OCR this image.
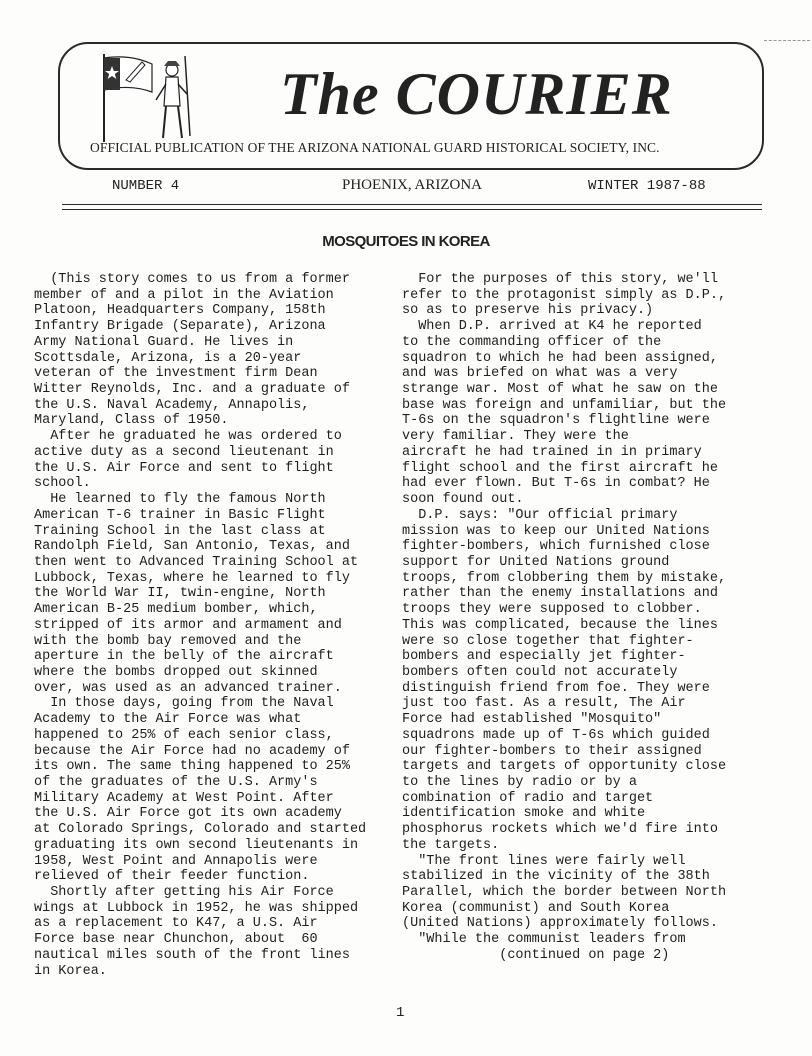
The COURIER
OFFICIAL PUBLICATION OF THE ARIZONA NATIONAL GUARD HISTORICAL SOCIETY, INC.
NUMBER 4	PHOENIX, ARIZONA	WINTER 1987-88
MOSQUITOES IN KOREA

(This story comes to us from a former

member of and a pilot in the Aviation

Platoon, Headquarters Company, 158th

Infantry Brigade (Separate), Arizona

Army National Guard. He lives in

Scottsdale, Arizona, is a 20-year

veteran of the investment firm Dean

Witter Reynolds, Inc. and a graduate of

the U.S. Naval Academy, Annapolis,

Maryland, Class of 1950.

After he graduated he was ordered to

active duty as a second lieutenant in

the U.S. Air Force and sent to flight

school.

He learned to fly the famous North

American T-6 trainer in Basic Flight

Training School in the last class at

Randolph Field, San Antonio, Texas, and

then went to Advanced Training School at

Lubbock, Texas, where he learned to fly

the World War II, twin-engine, North

American B-25 medium bomber, which,

stripped of its armor and armament and

with the bomb bay removed and the

aperture in the belly of the aircraft

where the bombs dropped out skinned

over, was used as an advanced trainer.

In those days, going from the Naval

Academy to the Air Force was what

happened to 25% of each senior class,

because the Air Force had no academy of

its own. The same thing happened to 25%

of the graduates of the U.S. Army's

Military Academy at West Point. After

the U.S. Air Force got its own academy

at Colorado Springs, Colorado and started

graduating its own second lieutenants in

1958, West Point and Annapolis were

relieved of their feeder function.

Shortly after getting his Air Force

wings at Lubbock in 1952, he was shipped

as a replacement to K47, a U.S. Air

Force base near Chunchon, about  60

nautical miles south of the front lines

in Korea.

For the purposes of this story, we'll

refer to the protagonist simply as D.P.,

so as to preserve his privacy.)

When D.P. arrived at K4 he reported

to the commanding officer of the

squadron to which he had been assigned,

and was briefed on what was a very

strange war. Most of what he saw on the

base was foreign and unfamiliar, but the

T-6s on the squadron's flightline were

very familiar. They were the

aircraft he had trained in in primary

flight school and the first aircraft he

had ever flown. But T-6s in combat? He

soon found out.

D.P. says: "Our official primary

mission was to keep our United Nations

fighter-bombers, which furnished close

support for United Nations ground

troops, from clobbering them by mistake,

rather than the enemy installations and

troops they were supposed to clobber.

This was complicated, because the lines

were so close together that fighter-

bombers and especially jet fighter-

bombers often could not accurately

distinguish friend from foe. They were

just too fast. As a result, The Air

Force had established "Mosquito"

squadrons made up of T-6s which guided

our fighter-bombers to their assigned

targets and targets of opportunity close

to the lines by radio or by a

combination of radio and target

identification smoke and white

phosphorus rockets which we'd fire into

the targets.

"The front lines were fairly well

stabilized in the vicinity of the 38th

Parallel, which the border between North

Korea (communist) and South Korea

(United Nations) approximately follows.

"While the communist leaders from

(continued on page 2)

1
